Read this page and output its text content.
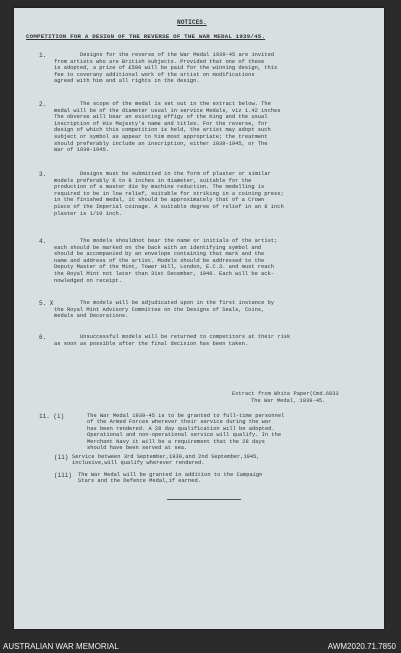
NOTICES.
COMPETITION FOR A DESIGN OF THE REVERSE OF THE WAR MEDAL 1939/45.
1.	Designs for the reverse of the War Medal 1939-45 are invited
from artists who are British subjects. Provided that one of these
is adopted, a prize of £500 will be paid for the winning design, this
fee to coverany additional work of the artist on modifications
agreed with him and all rights in the design.
2.	The scope of the medal is set out in the extract below. The
medal will be of the diameter usual in service Medals, viz 1.42 inches
The obverse will bear an existing effigy of the King and the usual
inscription of His Majesty's name and titles. For the reverse, for
design of which this competition is held, the artist may adopt such
subject or symbol as appear to him most appropriate; the treatment
should preferably include an inscription, either 1939-1945, or The
War of 1939-1945.
3.	Designs must be submitted in the form of plaster or similar
models preferably 6 to 8 inches in diameter, suitable for the
production of a master die by machine reduction. The modelling is
required to be in low relief, suitable for striking in a coining press;
in the finished medal, it should be approximately that of a Crown
piece of the Imperial coinage. A suitable degree of relief in an 8 inch
plaster is 1/10 inch.
4.	The models shouldnot bear the name or initials of the artist;
each should be marked on the back with an identifying symbol and
should be accompanied by an envelope containing that mark and the
name and address of the artist. Models should be addressed to the
Deputy Master of the Mint, Tower Hill, London, E.C.3. and must reach
the Royal Mint not later than 31st December, 1946. Each will be ack-
nowledged on receipt.
5. X	The models will be adjudicated upon in the first instance by
the Royal Mint Advisory Committee on the Designs of Seals, Coins,
medals and Decorations.
6.	Unsuccessful models will be returned to competitors at their risk
as soon as possible after the final decision has been taken.
Extract from White Paper(Cmd.6833
The War Medal, 1939-45.
11. (i)	The War Medal 1939-45 is to be granted to full-time personnel
of the Armed Forces wherever their service during the war
has been rendered. A 28 day qualification will be adopted.
Operational and non-operational service will qualify. In the
Merchant Navy it will be a requirement that the 28 days
should have been served at sea.
(ii) Service between 3rd September,1939,and 2nd September,1945,
inclusive,will qualify wherever rendered.
(iii) The War Medal will be granted in addition to the Campaign
Stars and the Defence Medal,if earned.
AUSTRALIAN WAR MEMORIAL	AWM2020.71.7850
